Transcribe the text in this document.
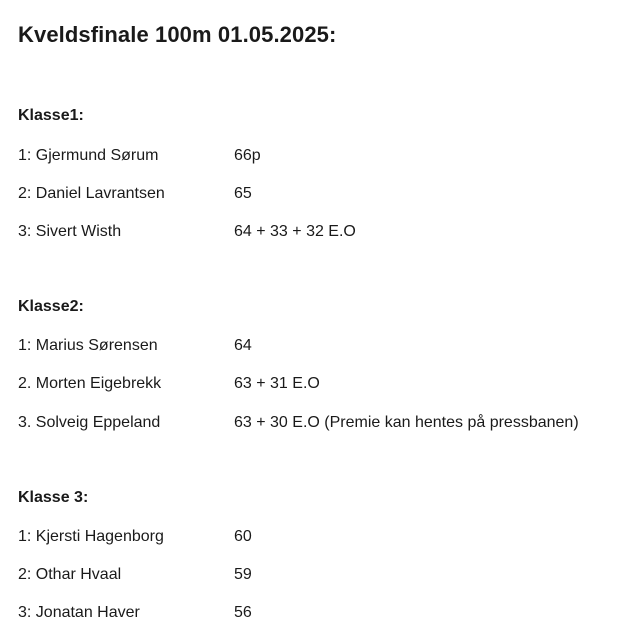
Kveldsfinale 100m 01.05.2025:
Klasse1:
1: Gjermund Sørum	66p
2: Daniel Lavrantsen	65
3: Sivert Wisth	64 + 33 + 32 E.O
Klasse2:
1: Marius Sørensen	64
2. Morten Eigebrekk	63 + 31 E.O
3. Solveig Eppeland	63 + 30 E.O (Premie kan hentes på pressbanen)
Klasse 3:
1: Kjersti Hagenborg	60
2: Othar Hvaal	59
3: Jonatan Haver	56
